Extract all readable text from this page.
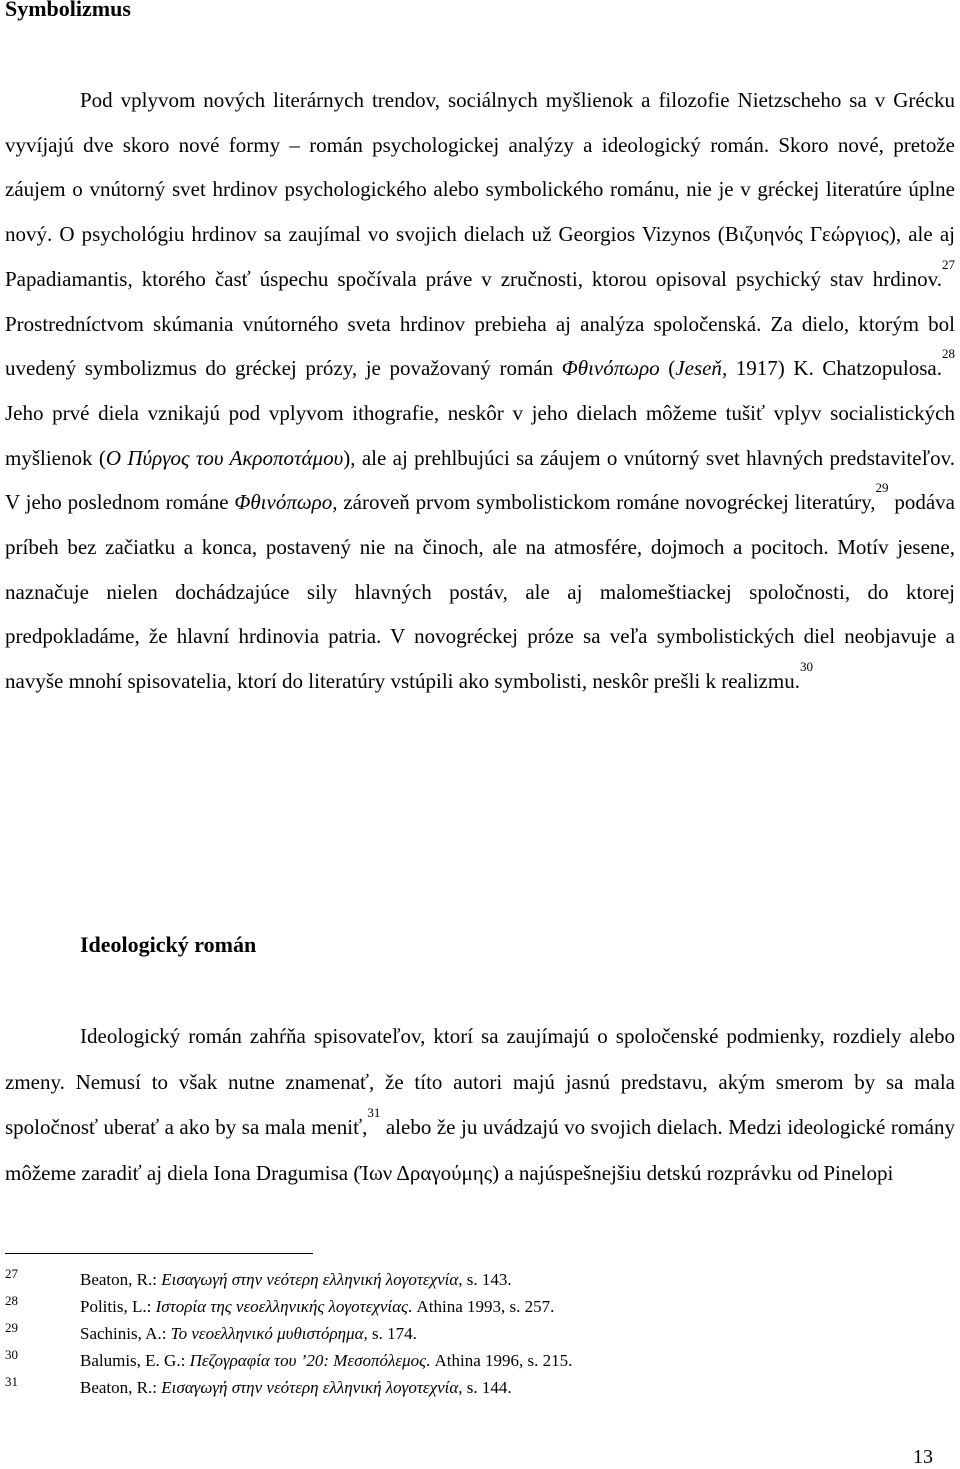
Symbolizmus

Pod vplyvom nových literárnych trendov, sociálnych myšlienok a filozofie Nietzscheho sa v Grécku vyvíjajú dve skoro nové formy – román psychologickej analýzy a ideologický román. Skoro nové, pretože záujem o vnútorný svet hrdinov psychologického alebo symbolického románu, nie je v gréckej literatúre úplne nový. O psychológiu hrdinov sa zaujímal vo svojich dielach už Georgios Vizynos (Βιζυηνός Γεώργιος), ale aj Papadiamantis, ktorého časť úspechu spočívala práve v zručnosti, ktorou opisoval psychický stav hrdinov.$^{27}$ Prostredníctvom skúmania vnútorného sveta hrdinov prebieha aj analýza spoločenská. Za dielo, ktorým bol uvedený symbolizmus do gréckej prózy, je považovaný román Φθινόπωρο (Jeseň, 1917) K. Chatzopulosa.$^{28}$ Jeho prvé diela vznikajú pod vplyvom ithografie, neskôr v jeho dielach môžeme tušiť vplyv socialistických myšlienok (Ο Πύργος του Ακροποτάμου), ale aj prehlbujúci sa záujem o vnútorný svet hlavných predstaviteľov. V jeho poslednom románe Φθινόπωρο, zároveň prvom symbolistickom románe novogréckej literatúry,$^{29}$ podáva príbeh bez začiatku a konca, postavený nie na činoch, ale na atmosfére, dojmoch a pocitoch. Motív jesene, naznačuje nielen dochádzajúce sily hlavných postáv, ale aj malomeštiackej spoločnosti, do ktorej predpokladáme, že hlavní hrdinovia patria. V novogréckej próze sa veľa symbolistických diel neobjavuje a navyše mnohí spisovatelia, ktorí do literatúry vstúpili ako symbolisti, neskôr prešli k realizmu.$^{30}$

Ideologický román

Ideologický román zahŕňa spisovateľov, ktorí sa zaujímajú o spoločenské podmienky, rozdiely alebo zmeny. Nemusí to však nutne znamenať, že títo autori majú jasnú predstavu, akým smerom by sa mala spoločnosť uberať a ako by sa mala meniť,$^{31}$ alebo že ju uvádzajú vo svojich dielach. Medzi ideologické romány môžeme zaradiť aj diela Iona Dragumisa (Ίων Δραγούμης) a najúspešnejšiu detskú rozprávku od Pinelopi

27	Beaton, R.: Εισαγωγή στην νεότερη ελληνική λογοτεχνία, s. 143.
28	Politis, L.: Ιστορία της νεοελληνικής λογοτεχνίας. Athina 1993, s. 257.
29	Sachinis, A.: Το νεοελληνικό μυθιστόρημα, s. 174.
30	Balumis, E. G.: Πεζογραφία του ’20: Μεσοπόλεμος. Athina 1996, s. 215.
31	Beaton, R.: Εισαγωγή στην νεότερη ελληνική λογοτεχνία, s. 144.
13
